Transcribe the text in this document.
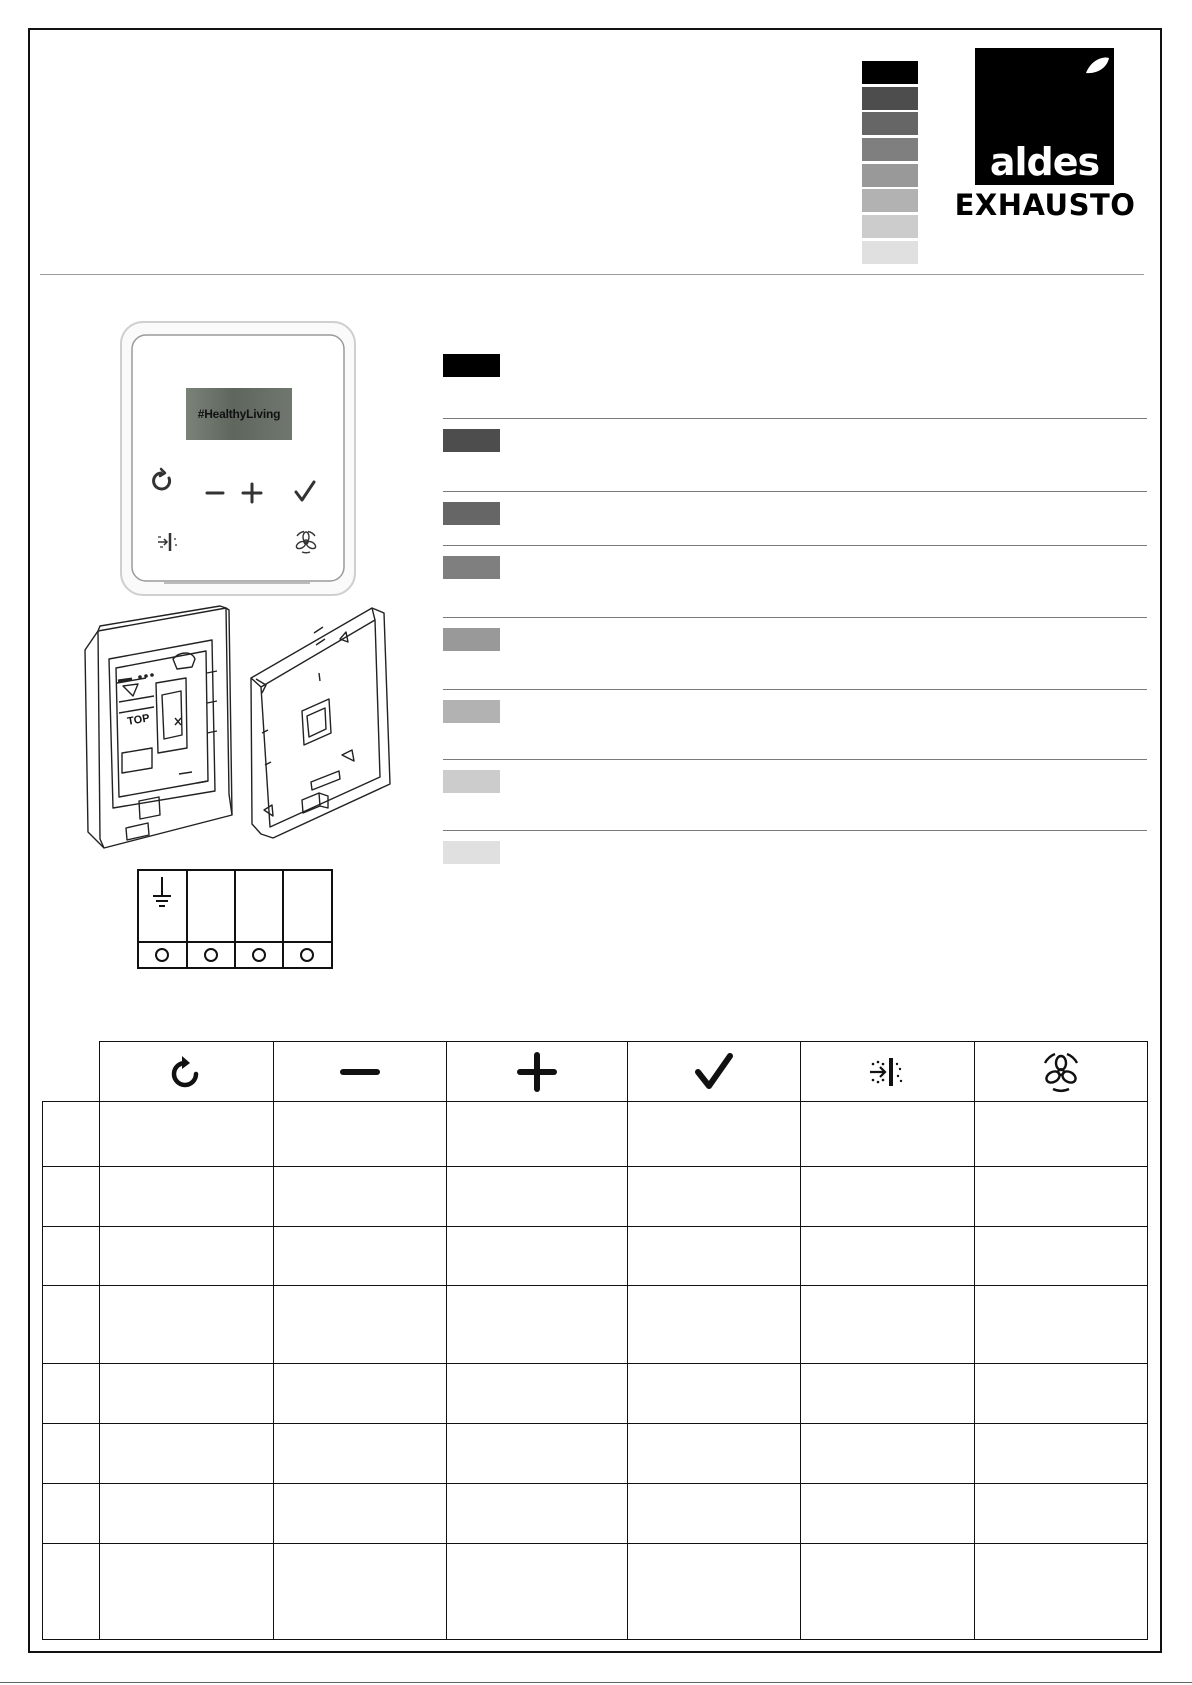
aldes
EXHAUSTO
#HealthyLiving
TOP
